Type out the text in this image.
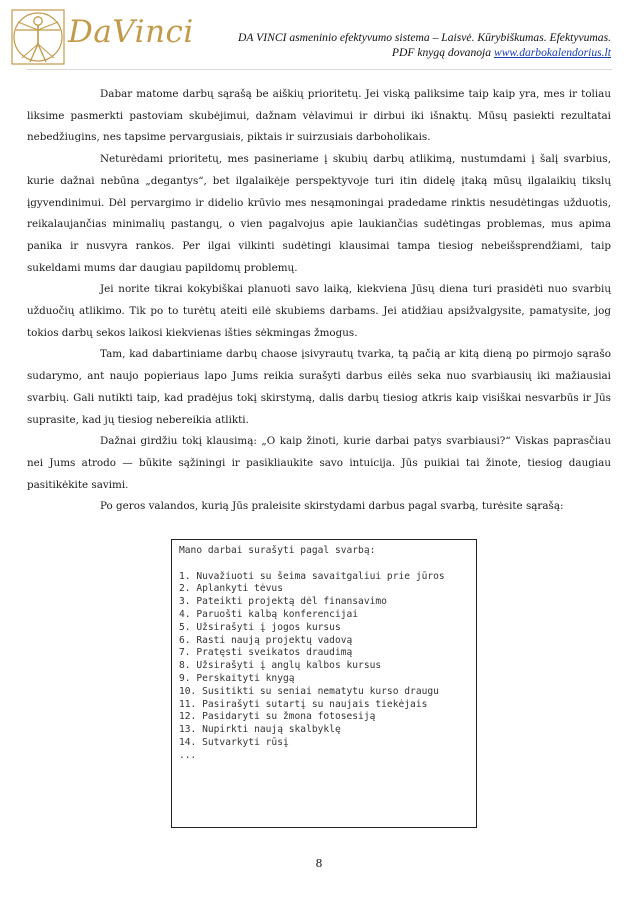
DaVinci	DA VINCI asmeninio efektyvumo sistema – Laisvė. Kūrybiškumas. Efektyvumas.
PDF knygą dovanoja www.darbokalendorius.lt

Dabar matome darbų sąrašą be aiškių prioritetų. Jei viską paliksime taip kaip yra, mes ir toliau liksime pasmerkti pastoviam skubėjimui, dažnam vėlavimui ir dirbui iki išnaktų. Mūsų pasiekti rezultatai nebedžiugins, nes tapsime pervargusiais, piktais ir suirzusiais darboholikais.

Neturėdami prioritetų, mes pasineriame į skubių darbų atlikimą, nustumdami į šalį svarbius, kurie dažnai nebūna „degantys“, bet ilgalaikėje perspektyvoje turi itin didelę įtaką mūsų ilgalaikių tikslų įgyvendinimui. Dėl pervargimo ir didelio krūvio mes nesąmoningai pradedame rinktis nesudėtingas užduotis, reikalaujančias minimalių pastangų, o vien pagalvojus apie laukiančias sudėtingas problemas, mus apima panika ir nusvyra rankos. Per ilgai vilkinti sudėtingi klausimai tampa tiesiog nebeišsprendžiami, taip sukeldami mums dar daugiau papildomų problemų.

Jei norite tikrai kokybiškai planuoti savo laiką, kiekviena Jūsų diena turi prasidėti nuo svarbių užduočių atlikimo. Tik po to turėtų ateiti eilė skubiems darbams. Jei atidžiau apsižvalgysite, pamatysite, jog tokios darbų sekos laikosi kiekvienas išties sėkmingas žmogus.

Tam, kad dabartiniame darbų chaose įsivyrautų tvarka, tą pačią ar kitą dieną po pirmojo sąrašo sudarymo, ant naujo popieriaus lapo Jums reikia surašyti darbus eilės seka nuo svarbiausių iki mažiausiai svarbių. Gali nutikti taip, kad pradėjus tokį skirstymą, dalis darbų tiesiog atkris kaip visiškai nesvarbūs ir Jūs suprasite, kad jų tiesiog nebereikia atlikti.

Dažnai girdžiu tokį klausimą: „O kaip žinoti, kurie darbai patys svarbiausi?“ Viskas paprasčiau nei Jums atrodo — būkite sąžiningi ir pasikliaukite savo intuicija. Jūs puikiai tai žinote, tiesiog daugiau pasitikėkite savimi.

Po geros valandos, kurią Jūs praleisite skirstydami darbus pagal svarbą, turėsite sąrašą:

Mano darbai surašyti pagal svarbą:
1. Nuvažiuoti su šeima savaitgaliui prie jūros
2. Aplankyti tėvus
3. Pateikti projektą dėl finansavimo
4. Paruošti kalbą konferencijai
5. Užsirašyti į jogos kursus
6. Rasti naują projektų vadovą
7. Pratęsti sveikatos draudimą
8. Užsirašyti į anglų kalbos kursus
9. Perskaityti knygą
10. Susitikti su seniai nematytu kurso draugu
11. Pasirašyti sutartį su naujais tiekėjais
12. Pasidaryti su žmona fotosesiją
13. Nupirkti naują skalbyklę
14. Sutvarkyti rūsį
...
8
